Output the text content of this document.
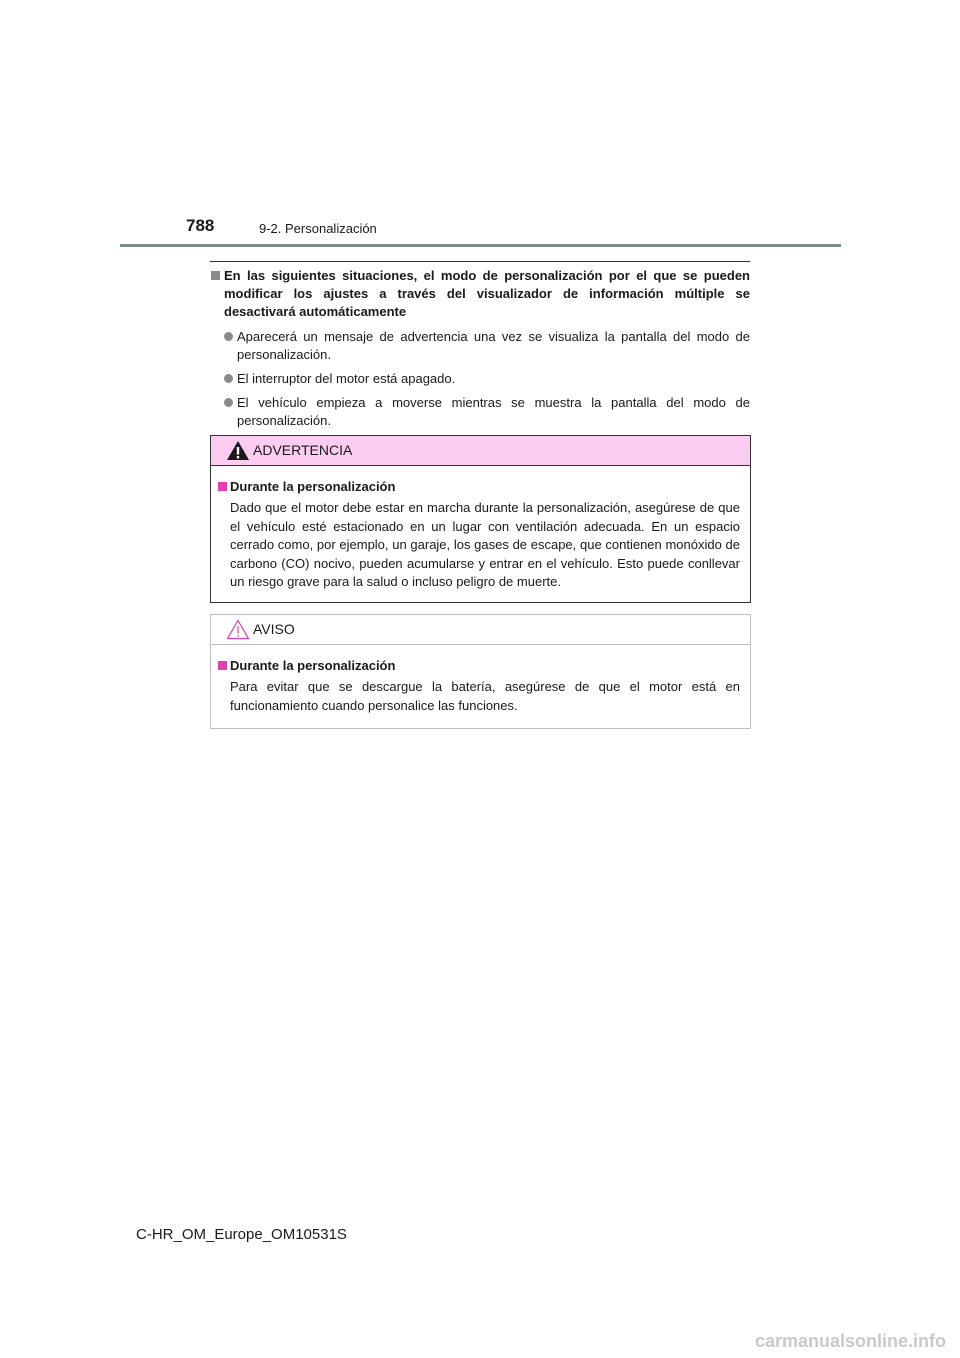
788	9-2. Personalización
En las siguientes situaciones, el modo de personalización por el que se pueden modificar los ajustes a través del visualizador de información múltiple se desactivará automáticamente
Aparecerá un mensaje de advertencia una vez se visualiza la pantalla del modo de personalización.
El interruptor del motor está apagado.
El vehículo empieza a moverse mientras se muestra la pantalla del modo de personalización.
ADVERTENCIA
Durante la personalización
Dado que el motor debe estar en marcha durante la personalización, asegúrese de que el vehículo esté estacionado en un lugar con ventilación adecuada. En un espacio cerrado como, por ejemplo, un garaje, los gases de escape, que contienen monóxido de carbono (CO) nocivo, pueden acumularse y entrar en el vehículo. Esto puede conllevar un riesgo grave para la salud o incluso peligro de muerte.
AVISO
Durante la personalización
Para evitar que se descargue la batería, asegúrese de que el motor está en funcionamiento cuando personalice las funciones.
C-HR_OM_Europe_OM10531S
carmanualsonline.info
